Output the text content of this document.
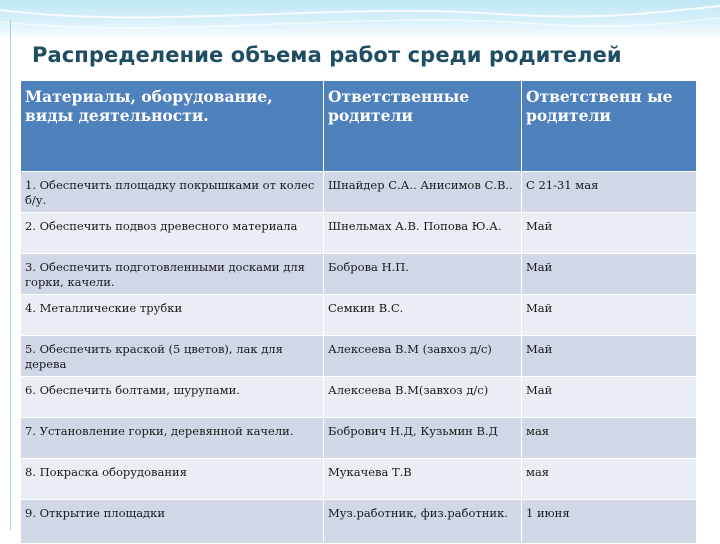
Распределение объема работ среди родителей
Материалы, оборудование, виды деятельности.	Ответственные родители	Ответственн ые родители
1. Обеспечить площадку покрышками от колес б/у.	Шнайдер С.А.. Анисимов С.В..	С 21-31 мая
2. Обеспечить подвоз древесного материала	Шнельмах А.В. Попова Ю.А.	Май
3. Обеспечить подготовленными досками для горки, качели.	Боброва Н.П.	Май
4. Металлические трубки	Семкин В.С.	Май
5. Обеспечить краской (5 цветов), лак для дерева	Алексеева В.М (завхоз д/с)	Май
6. Обеспечить болтами, шурупами.	Алексеева В.М(завхоз д/с)	Май
7. Установление горки, деревянной качели.	Бобрович Н.Д, Кузьмин В.Д	мая
8. Покраска оборудования	Мукачева Т.В	мая
9. Открытие площадки	Муз.работник, физ.работник.	1 июня
